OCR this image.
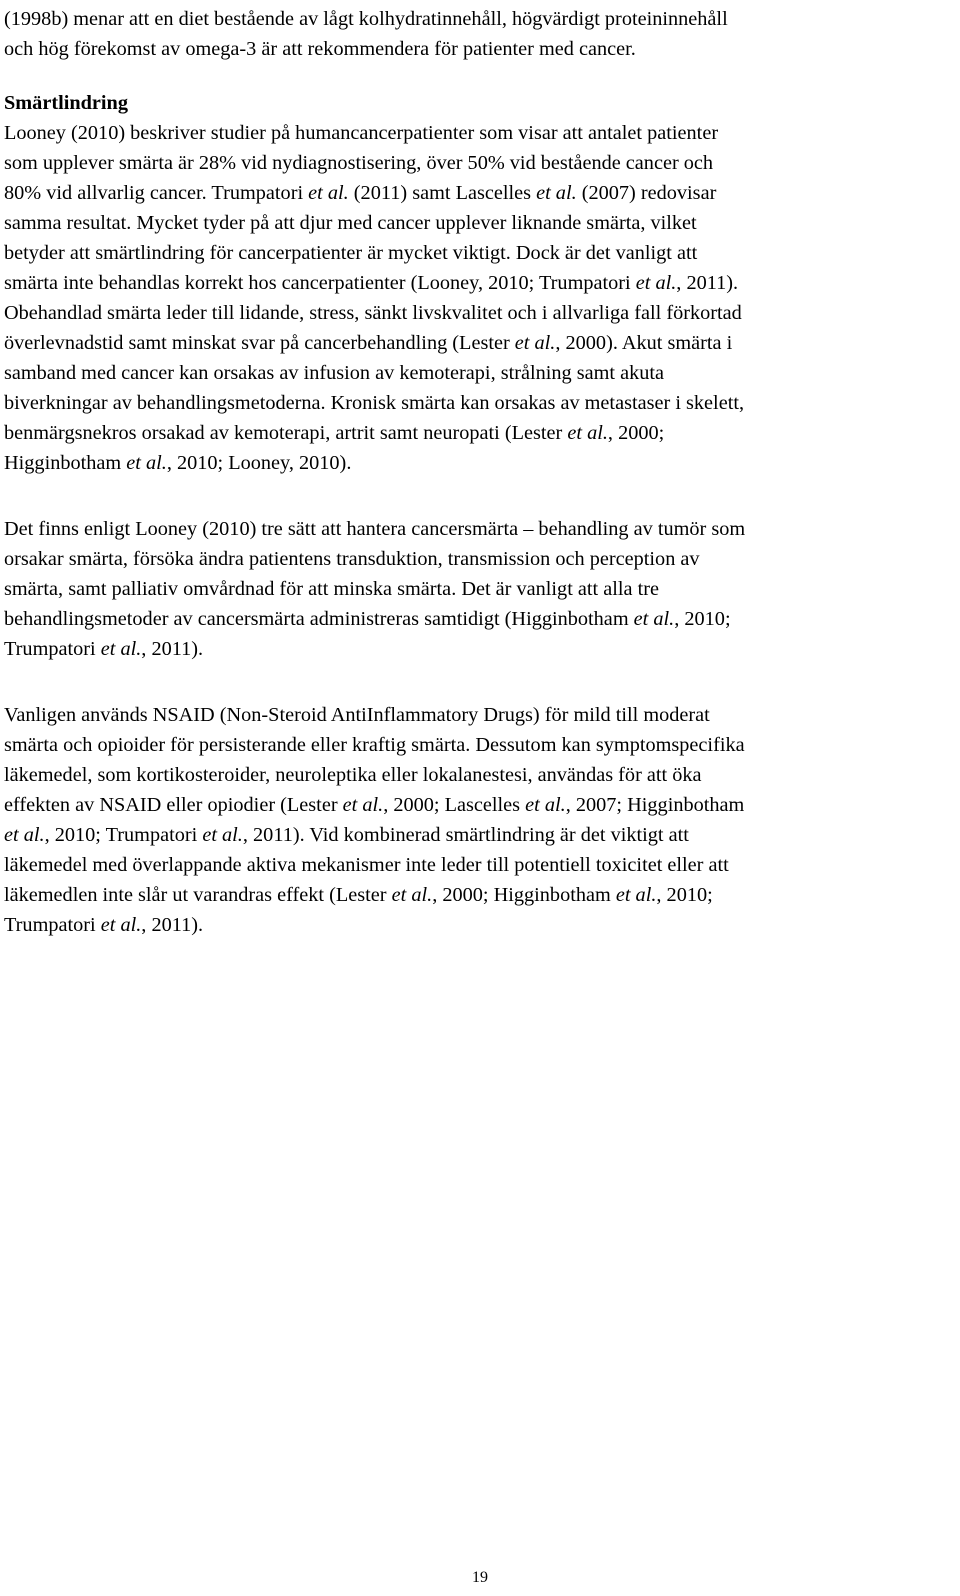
(1998b) menar att en diet bestående av lågt kolhydratinnehåll, högvärdigt proteininnehåll
och hög förekomst av omega-3 är att rekommendera för patienter med cancer.
Smärtlindring
Looney (2010) beskriver studier på humancancerpatienter som visar att antalet patienter
som upplever smärta är 28% vid nydiagnostisering, över 50% vid bestående cancer och
80% vid allvarlig cancer. Trumpatori et al. (2011) samt Lascelles et al. (2007) redovisar
samma resultat. Mycket tyder på att djur med cancer upplever liknande smärta, vilket
betyder att smärtlindring för cancerpatienter är mycket viktigt. Dock är det vanligt att
smärta inte behandlas korrekt hos cancerpatienter (Looney, 2010; Trumpatori et al., 2011).
Obehandlad smärta leder till lidande, stress, sänkt livskvalitet och i allvarliga fall förkortad
överlevnadstid samt minskat svar på cancerbehandling (Lester et al., 2000). Akut smärta i
samband med cancer kan orsakas av infusion av kemoterapi, strålning samt akuta
biverkningar av behandlingsmetoderna. Kronisk smärta kan orsakas av metastaser i skelett,
benmärgsnekros orsakad av kemoterapi, artrit samt neuropati (Lester et al., 2000;
Higginbotham et al., 2010; Looney, 2010).
Det finns enligt Looney (2010) tre sätt att hantera cancersmärta – behandling av tumör som
orsakar smärta, försöka ändra patientens transduktion, transmission och perception av
smärta, samt palliativ omvårdnad för att minska smärta. Det är vanligt att alla tre
behandlingsmetoder av cancersmärta administreras samtidigt (Higginbotham et al., 2010;
Trumpatori et al., 2011).
Vanligen används NSAID (Non-Steroid AntiInflammatory Drugs) för mild till moderat
smärta och opioider för persisterande eller kraftig smärta. Dessutom kan symptomspecifika
läkemedel, som kortikosteroider, neuroleptika eller lokalanestesi, användas för att öka
effekten av NSAID eller opiodier (Lester et al., 2000; Lascelles et al., 2007; Higginbotham
et al., 2010; Trumpatori et al., 2011). Vid kombinerad smärtlindring är det viktigt att
läkemedel med överlappande aktiva mekanismer inte leder till potentiell toxicitet eller att
läkemedlen inte slår ut varandras effekt (Lester et al., 2000; Higginbotham et al., 2010;
Trumpatori et al., 2011).
19
